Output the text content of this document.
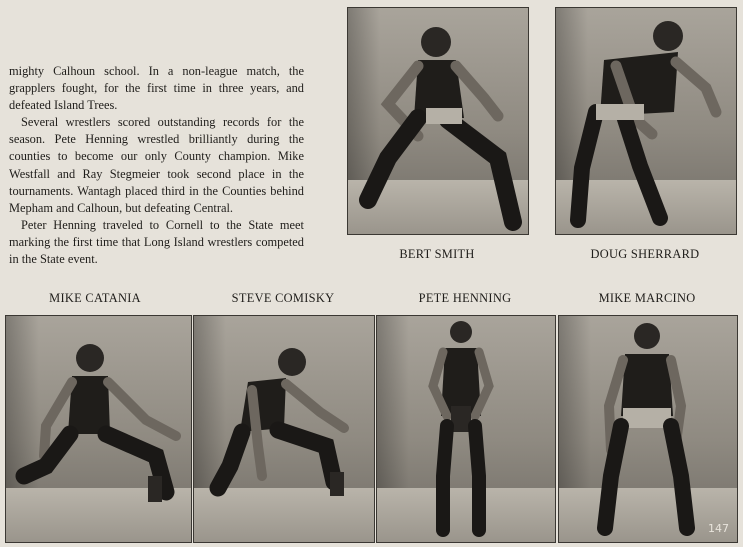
mighty Calhoun school. In a non-league match, the grapplers fought, for the first time in three years, and defeated Island Trees.

Several wrestlers scored outstanding records for the season. Pete Henning wrestled brilliantly during the counties to become our only County champion. Mike Westfall and Ray Stegmeier took second place in the tournaments. Wantagh placed third in the Counties behind Mepham and Calhoun, but defeating Central.

Peter Henning traveled to Cornell to the State meet marking the first time that Long Island wrestlers competed in the State event.	BERT SMITH	DOUG SHERRARD
MIKE CATANIA	STEVE COMISKY	PETE HENNING	MIKE MARCINO
147
